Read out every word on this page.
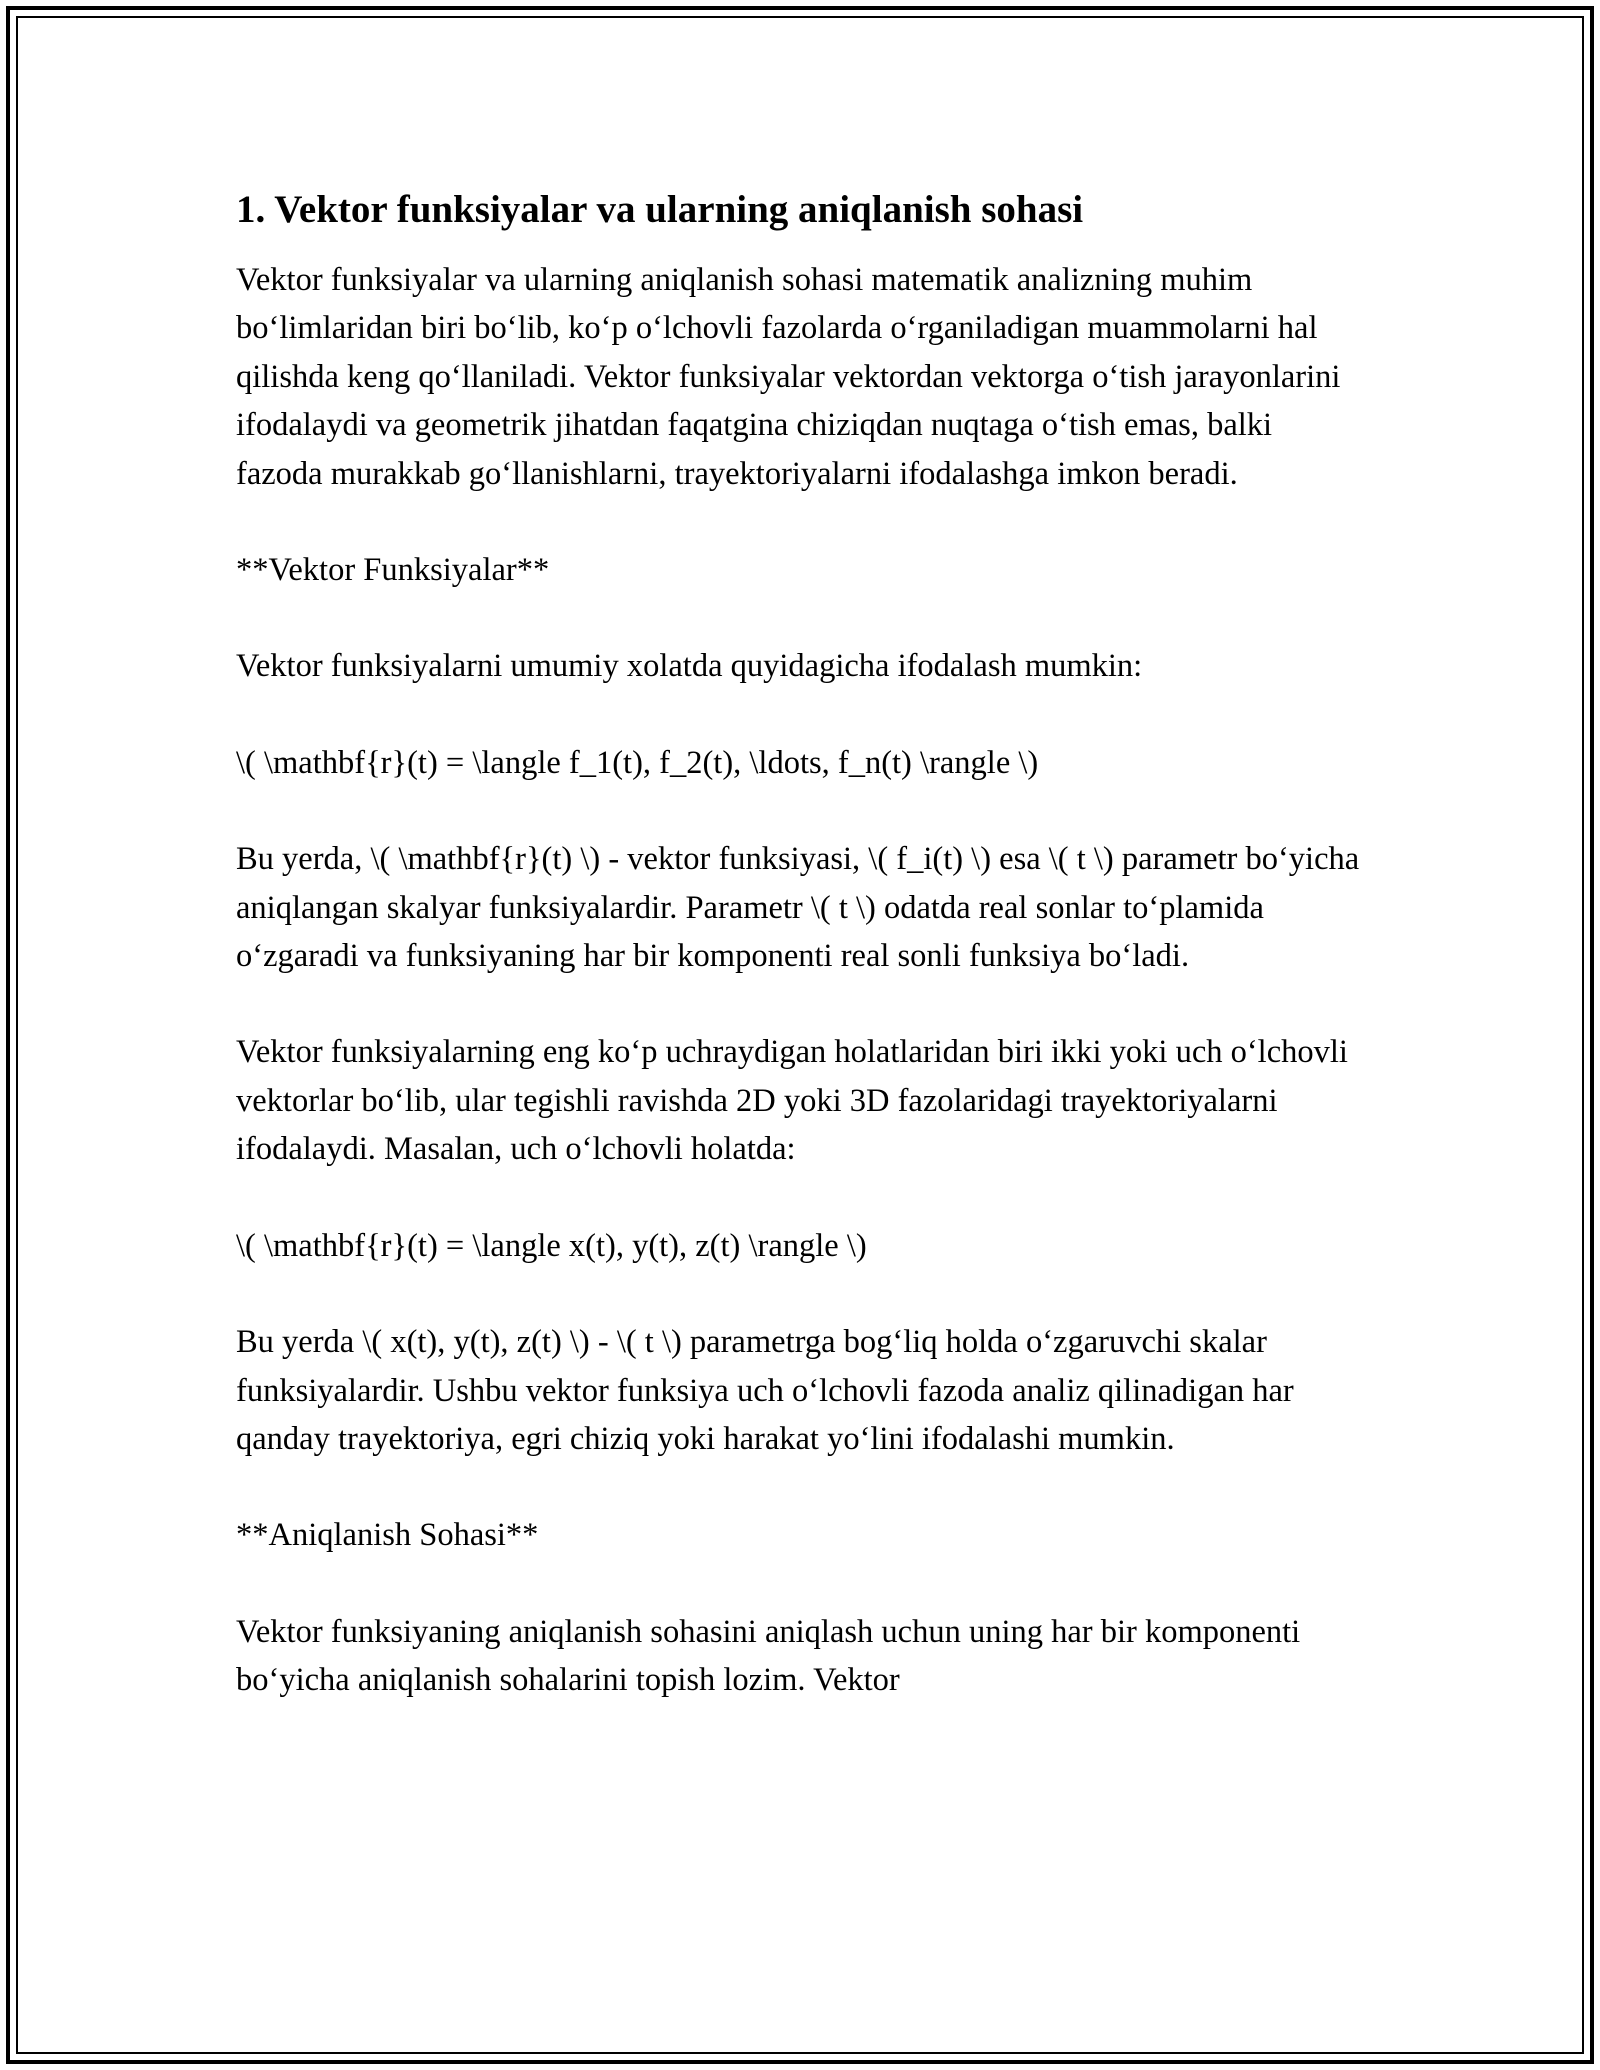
1. Vektor funksiyalar va ularning aniqlanish sohasi

Vektor funksiyalar va ularning aniqlanish sohasi matematik analizning muhim bo‘limlaridan biri bo‘lib, ko‘p o‘lchovli fazolarda o‘rganiladigan muammolarni hal qilishda keng qo‘llaniladi. Vektor funksiyalar vektordan vektorga o‘tish jarayonlarini ifodalaydi va geometrik jihatdan faqatgina chiziqdan nuqtaga o‘tish emas, balki fazoda murakkab go‘llanishlarni, trayektoriyalarni ifodalashga imkon beradi.

**Vektor Funksiyalar**

Vektor funksiyalarni umumiy xolatda quyidagicha ifodalash mumkin:

\( \mathbf{r}(t) = \langle f_1(t), f_2(t), \ldots, f_n(t) \rangle \)

Bu yerda, \( \mathbf{r}(t) \) - vektor funksiyasi, \( f_i(t) \) esa \( t \) parametr bo‘yicha aniqlangan skalyar funksiyalardir. Parametr \( t \) odatda real sonlar to‘plamida o‘zgaradi va funksiyaning har bir komponenti real sonli funksiya bo‘ladi.

Vektor funksiyalarning eng ko‘p uchraydigan holatlaridan biri ikki yoki uch o‘lchovli vektorlar bo‘lib, ular tegishli ravishda 2D yoki 3D fazolaridagi trayektoriyalarni ifodalaydi. Masalan, uch o‘lchovli holatda:

\( \mathbf{r}(t) = \langle x(t), y(t), z(t) \rangle \)

Bu yerda \( x(t), y(t), z(t) \) - \( t \) parametrga bog‘liq holda o‘zgaruvchi skalar funksiyalardir. Ushbu vektor funksiya uch o‘lchovli fazoda analiz qilinadigan har qanday trayektoriya, egri chiziq yoki harakat yo‘lini ifodalashi mumkin.

**Aniqlanish Sohasi**

Vektor funksiyaning aniqlanish sohasini aniqlash uchun uning har bir komponenti bo‘yicha aniqlanish sohalarini topish lozim. Vektor
